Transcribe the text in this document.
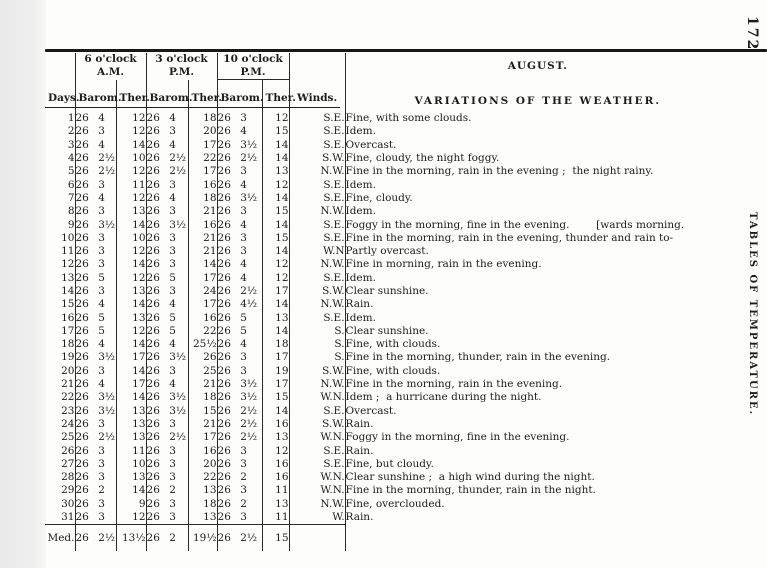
	6 o'clock A.M.		3 o'clock P.M.		10 o'clock P.M.			AUGUST.
Days.	Barom.	Ther.	Barom.	Ther.	Barom.	Ther.	Winds.	VARIATIONS OF THE WEATHER.
1	26 4	12	26 4	18	26 3	12	S.E.	Fine, with some clouds.
2	26 3	12	26 3	20	26 4	15	S.E.	Idem.
3	26 4	14	26 4	17	26 3½	14	S.E.	Overcast.
4	26 2½	10	26 2½	22	26 2½	14	S.W.	Fine, cloudy, the night foggy.
5	26 2½	12	26 2½	17	26 3	13	N.W.	Fine in the morning, rain in the evening ;  the night rainy.
6	26 3	11	26 3	16	26 4	12	S.E.	Idem.
7	26 4	12	26 4	18	26 3½	14	S.E.	Fine, cloudy.
8	26 3	13	26 3	21	26 3	15	N.W.	Idem.
9	26 3½	14	26 3½	16	26 4	14	S.E.	Foggy in the morning, fine in the evening.        [wards morning.
10	26 3	10	26 3	21	26 3	15	S.E.	Fine in the morning, rain in the evening, thunder and rain to-
11	26 3	12	26 3	21	26 3	14	W.N	Partly overcast.
12	26 3	14	26 3	14	26 4	12	N.W.	Fine in morning, rain in the evening.
13	26 5	12	26 5	17	26 4	12	S.E.	Idem.
14	26 3	13	26 3	24	26 2½	17	S.W.	Clear sunshine.
15	26 4	14	26 4	17	26 4½	14	N.W.	Rain.
16	26 5	13	26 5	16	26 5	13	S.E.	Idem.
17	26 5	12	26 5	22	26 5	14	S.	Clear sunshine.
18	26 4	14	26 4	25½	26 4	18	S.	Fine, with clouds.
19	26 3½	17	26 3½	26	26 3	17	S.	Fine in the morning, thunder, rain in the evening.
20	26 3	14	26 3	25	26 3	19	S.W.	Fine, with clouds.
21	26 4	17	26 4	21	26 3½	17	N.W.	Fine in the morning, rain in the evening.
22	26 3½	14	26 3½	18	26 3½	15	W.N.	Idem ;  a hurricane during the night.
23	26 3½	13	26 3½	15	26 2½	14	S.E.	Overcast.
24	26 3	13	26 3	21	26 2½	16	S.W.	Rain.
25	26 2½	13	26 2½	17	26 2½	13	W.N.	Foggy in the morning, fine in the evening.
26	26 3	11	26 3	16	26 3	12	S.E.	Rain.
27	26 3	10	26 3	20	26 3	16	S.E.	Fine, but cloudy.
28	26 3	13	26 3	22	26 2	16	W.N.	Clear sunshine ;  a high wind during the night.
29	26 2	14	26 2	13	26 3	11	W.N.	Fine in the morning, thunder, rain in the night.
30	26 3	9	26 3	18	26 2	13	N.W.	Fine, overclouded.
31	26 3	12	26 3	13	26 3	11	W.	Rain.
Med.	26 2½	13½	26 2	19½	26 2½	15		
172
TABLES OF TEMPERATURE.
